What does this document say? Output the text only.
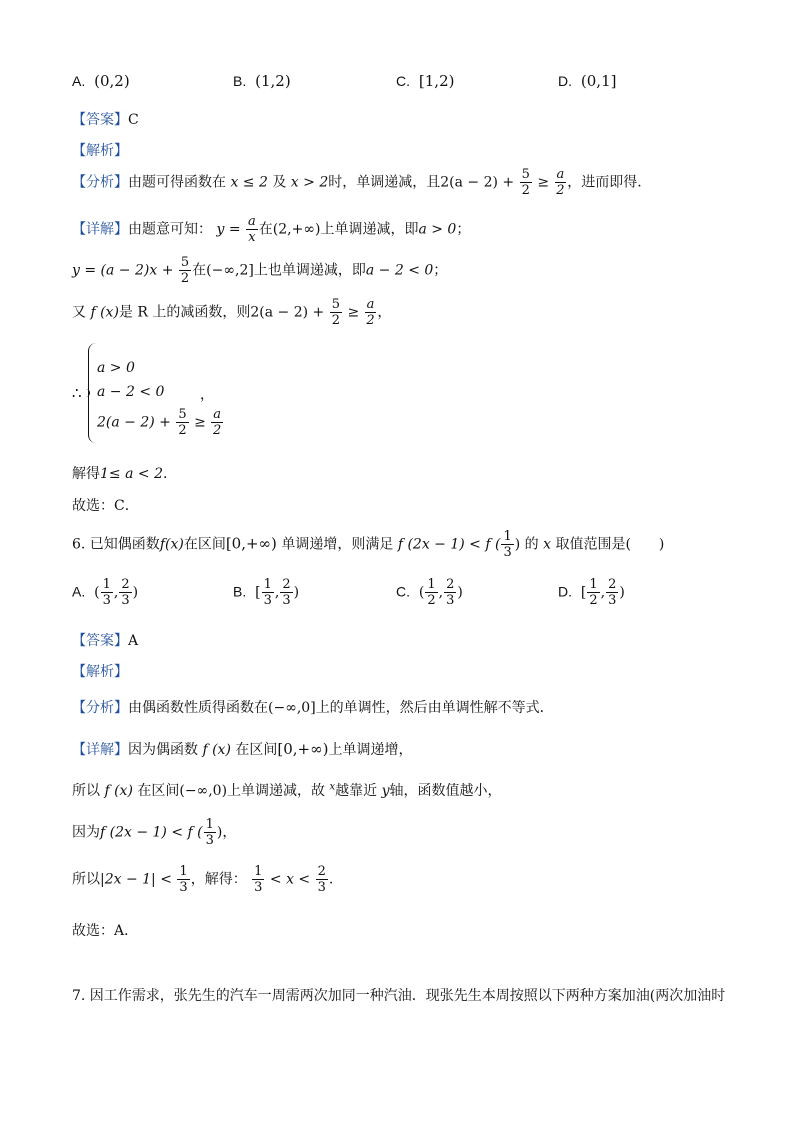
A. (0,2)	B. (1,2)	C. [1,2)	D. (0,1]
【答案】C
【解析】
【分析】由题可得函数在 x ≤ 2 及 x > 2时，单调递减，且$2(a - 2) + \frac{5}{2} \ge \frac{a}{2}$ ，进而即得.
【详解】由题意可知： $y = \frac{a}{x}$ 在(2,+∞)上单调递减，即a > 0；
$y = (a - 2)x + \frac{5}{2}$ 在(−∞,2]上也单调递减，即a − 2 < 0；
又 f (x)是 R 上的减函数，则$2(a - 2) + \frac{5}{2} \ge \frac{a}{2}$ ，
∴
a > 0
a − 2 < 0
$2(a - 2) + \frac{5}{2} \ge \frac{a}{2}$
，
解得1≤ a < 2.
故选：C．
6. 已知偶函数f(x)在区间[0,+∞) 单调递增，则满足 f (2x − 1) < f ( $\frac{1}{3}$ ) 的 x 取值范围是(　　)
A. ( $\frac{1}{3}$ , $\frac{2}{3}$ )	B. [ $\frac{1}{3}$ , $\frac{2}{3}$ )	C. ( $\frac{1}{2}$ , $\frac{2}{3}$ )	D. [ $\frac{1}{2}$ , $\frac{2}{3}$ )
【答案】A
【解析】
【分析】由偶函数性质得函数在(−∞,0]上的单调性，然后由单调性解不等式．
【详解】因为偶函数 f (x) 在区间[0,+∞)上单调递增，
所以 f (x) 在区间(−∞,0)上单调递减，故 $^x$越靠近 y轴，函数值越小，
因为f (2x − 1) < f ( $\frac{1}{3}$ )，
所以$|2x - 1| < \frac{1}{3}$ ，解得： $\frac{1}{3} < x < \frac{2}{3}$ .
故选：A．
7. 因工作需求，张先生的汽车一周需两次加同一种汽油．现张先生本周按照以下两种方案加油(两次加油时
